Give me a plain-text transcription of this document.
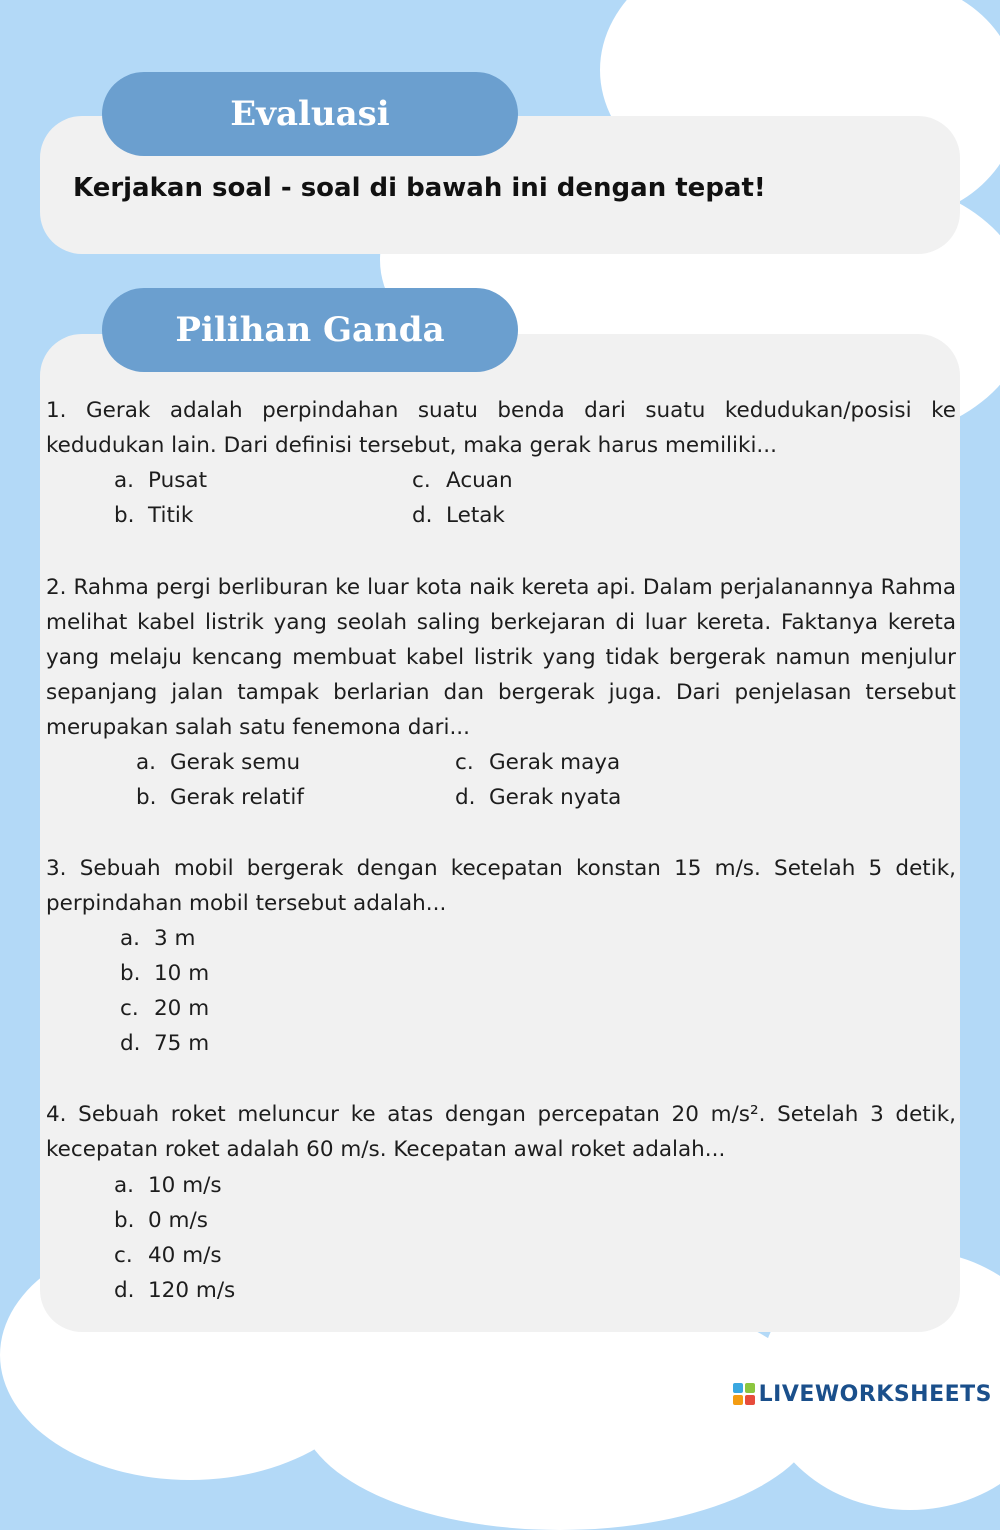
Evaluasi
Kerjakan soal - soal di bawah ini dengan tepat!
Pilihan Ganda

1. Gerak adalah perpindahan suatu benda dari suatu kedudukan/posisi ke kedudukan lain. Dari definisi tersebut, maka gerak harus memiliki...

a. Pusat
b. Titik
c. Acuan
d. Letak

2. Rahma pergi berliburan ke luar kota naik kereta api. Dalam perjalanannya Rahma melihat kabel listrik yang seolah saling berkejaran di luar kereta. Faktanya kereta yang melaju kencang membuat kabel listrik yang tidak bergerak namun menjulur sepanjang jalan tampak berlarian dan bergerak juga. Dari penjelasan tersebut merupakan salah satu fenemona dari...

a. Gerak semu
b. Gerak relatif
c. Gerak maya
d. Gerak nyata

3. Sebuah mobil bergerak dengan kecepatan konstan 15 m/s. Setelah 5 detik, perpindahan mobil tersebut adalah...

a. 3 m
b. 10 m
c. 20 m
d. 75 m

4. Sebuah roket meluncur ke atas dengan percepatan 20 m/s². Setelah 3 detik, kecepatan roket adalah 60 m/s. Kecepatan awal roket adalah...

a. 10 m/s
b. 0 m/s
c. 40 m/s
d. 120 m/s
LIVEWORKSHEETS
